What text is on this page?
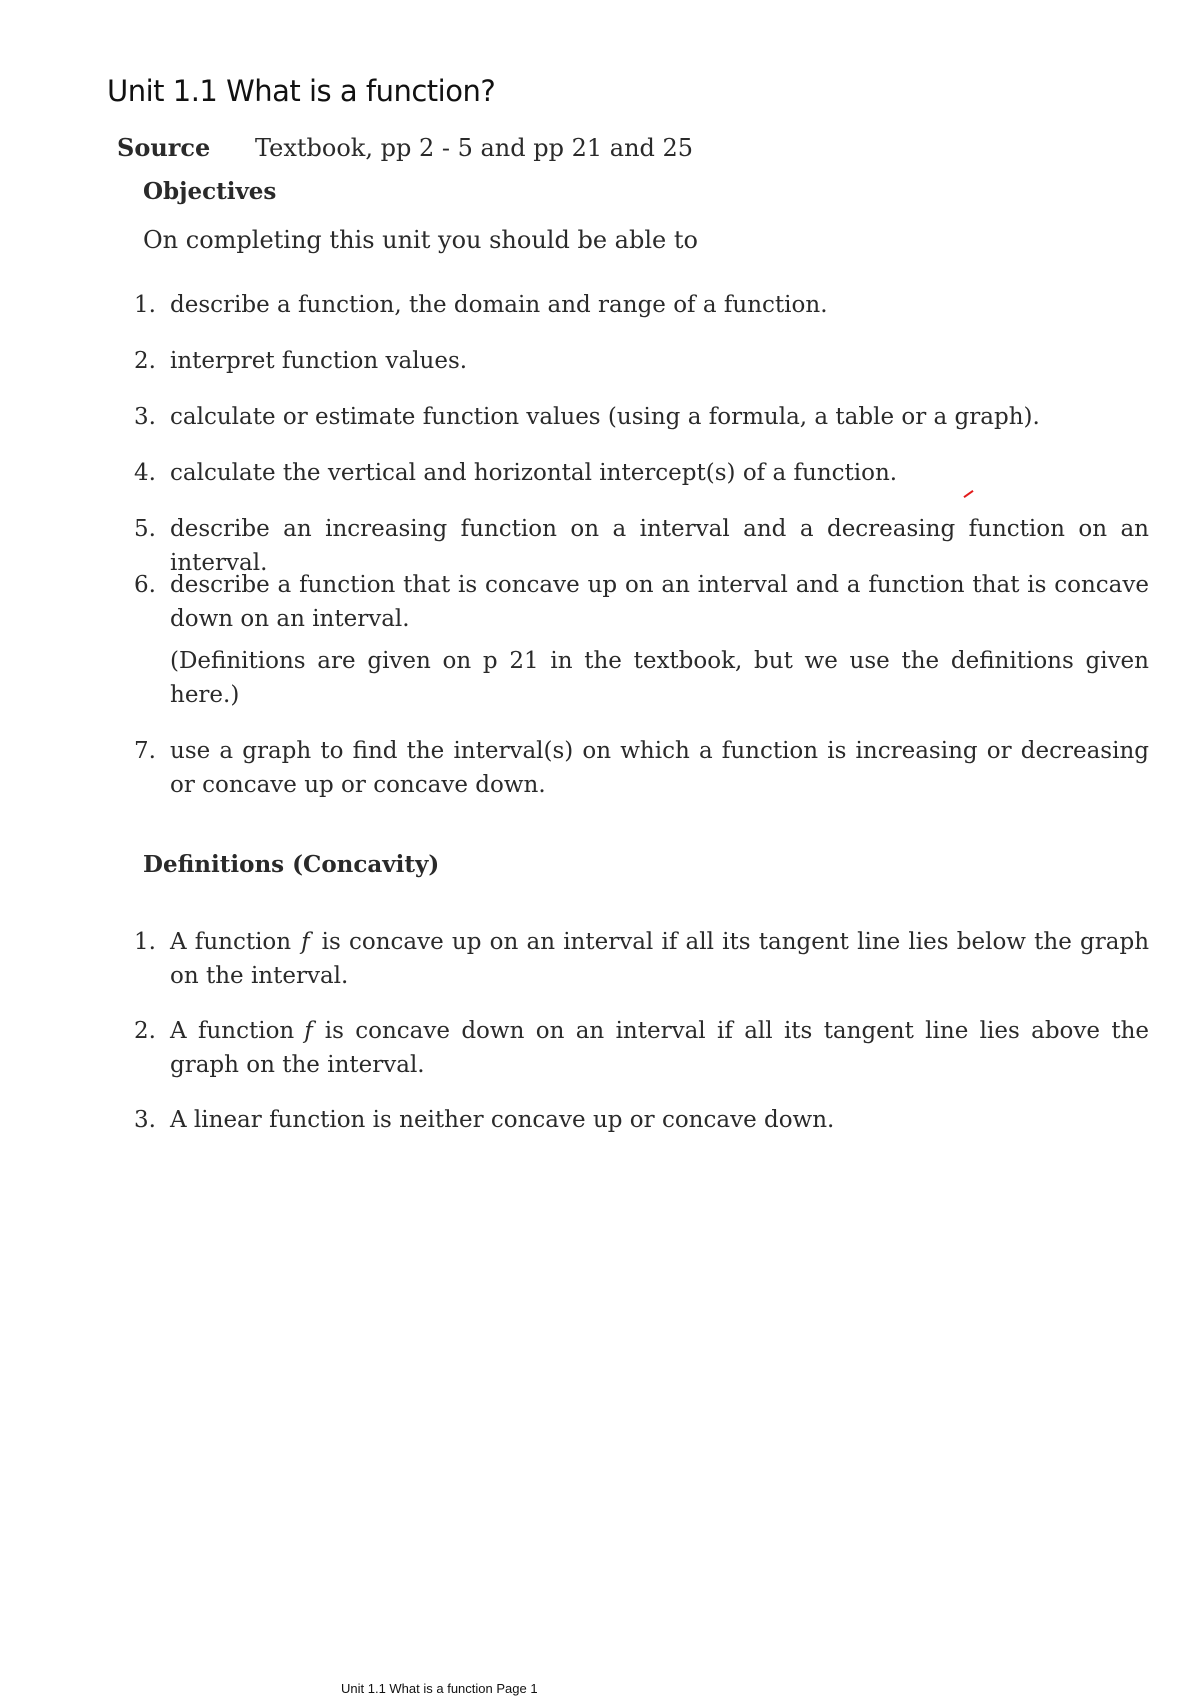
Unit 1.1 What is a function?
Source Textbook, pp 2 - 5 and pp 21 and 25
Objectives
On completing this unit you should be able to
1. describe a function, the domain and range of a function.
2. interpret function values.
3. calculate or estimate function values (using a formula, a table or a graph).
4. calculate the vertical and horizontal intercept(s) of a function.
5. describe an increasing function on a interval and a decreasing function on an interval.
6. describe a function that is concave up on an interval and a function that is concave down on an interval.
(Definitions are given on p 21 in the textbook, but we use the definitions given here.)
7. use a graph to find the interval(s) on which a function is increasing or decreasing or concave up or concave down.
Definitions (Concavity)
1. A function f is concave up on an interval if all its tangent line lies below the graph on the interval.
2. A function f is concave down on an interval if all its tangent line lies above the graph on the interval.
3. A linear function is neither concave up or concave down.
Unit 1.1 What is a function Page 1
